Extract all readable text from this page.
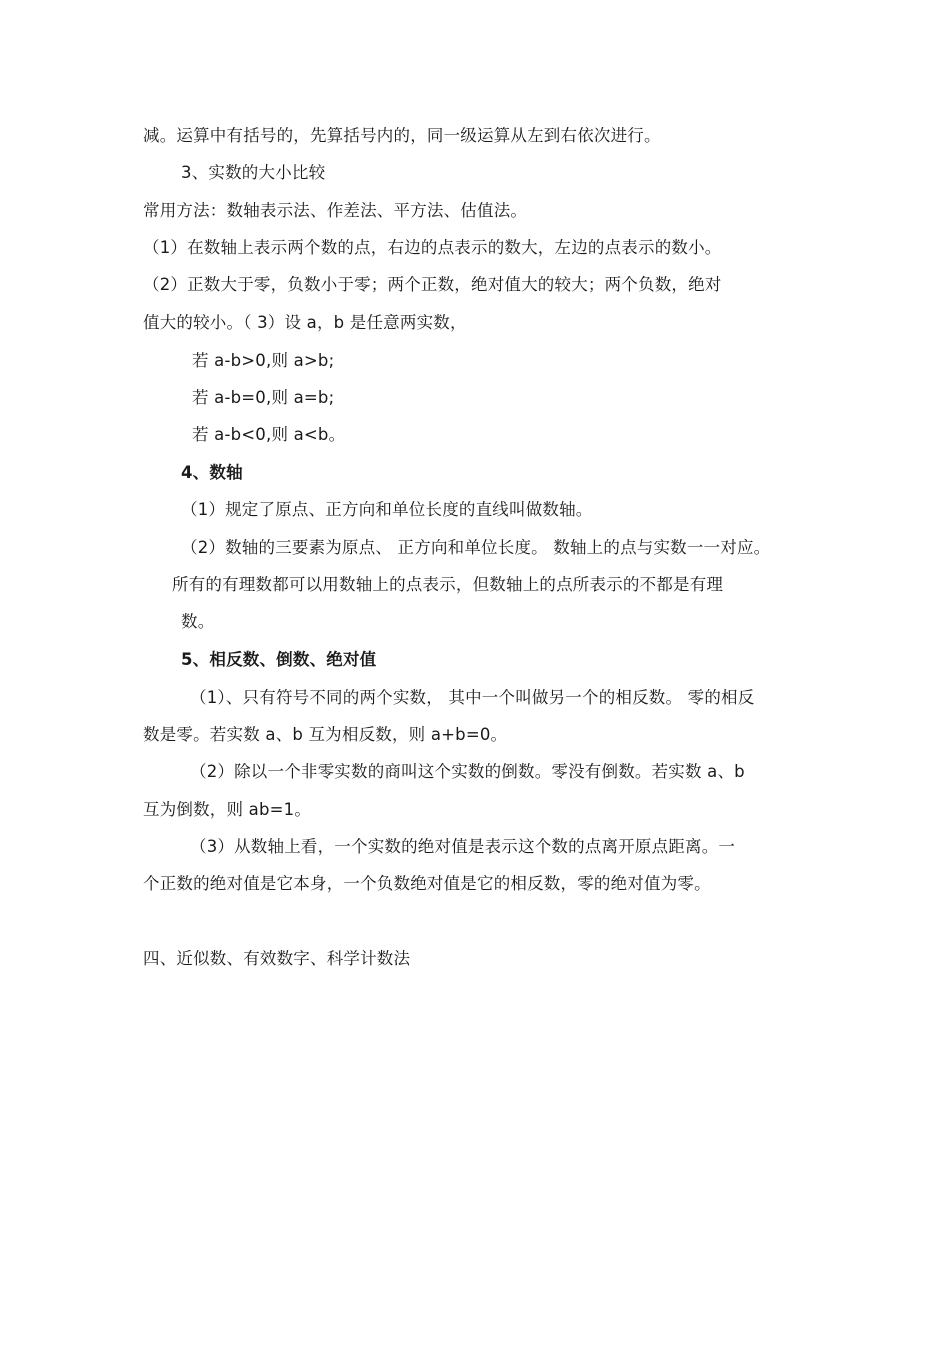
减。运算中有括号的，先算括号内的，同一级运算从左到右依次进行。
3、实数的大小比较
常用方法：数轴表示法、作差法、平方法、估值法。
（1）在数轴上表示两个数的点，右边的点表示的数大，左边的点表示的数小。
（2）正数大于零，负数小于零；两个正数，绝对值大的较大；两个负数，绝对
值大的较小。（ 3）设 a，b 是任意两实数，
若 a-b>0,则 a>b;
若 a-b=0,则 a=b;
若 a-b<0,则 a<b。
4、数轴
（1）规定了原点、正方向和单位长度的直线叫做数轴。
（2）数轴的三要素为原点、 正方向和单位长度。 数轴上的点与实数一一对应。
所有的有理数都可以用数轴上的点表示，但数轴上的点所表示的不都是有理
数。
5、相反数、倒数、绝对值
（1）、只有符号不同的两个实数， 其中一个叫做另一个的相反数。 零的相反
数是零。若实数 a、b 互为相反数，则 a+b=0。
（2）除以一个非零实数的商叫这个实数的倒数。零没有倒数。若实数 a、b
互为倒数，则 ab=1。
（3）从数轴上看，一个实数的绝对值是表示这个数的点离开原点距离。一
个正数的绝对值是它本身，一个负数绝对值是它的相反数，零的绝对值为零。
四、近似数、有效数字、科学计数法
